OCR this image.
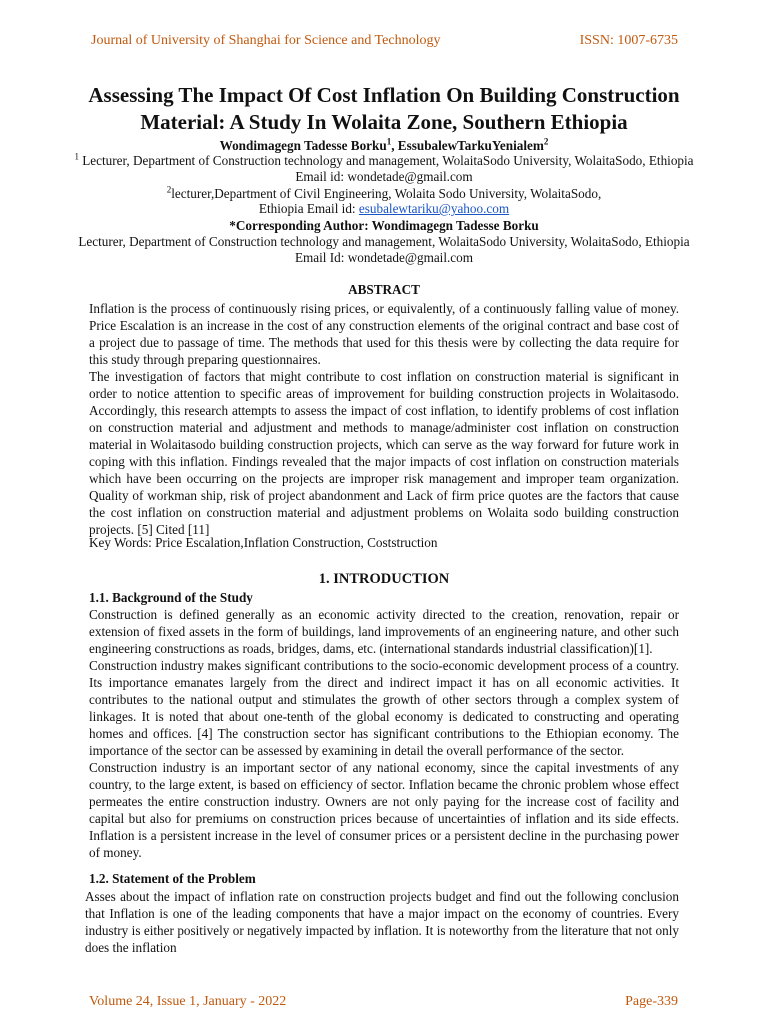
Journal of University of Shanghai for Science and Technology	ISSN: 1007-6735
Assessing The Impact Of Cost Inflation On Building Construction
Material: A Study In Wolaita Zone, Southern Ethiopia
Wondimagegn Tadesse Borku$^1$, EssubalewTarkuYenialem$^2$
$^1$ Lecturer, Department of Construction technology and management, WolaitaSodo University, WolaitaSodo, Ethiopia
Email id: wondetade@gmail.com
$^2$lecturer,Department of Civil Engineering, Wolaita Sodo University, WolaitaSodo,
Ethiopia Email id: esubalewtariku@yahoo.com
*Corresponding Author: Wondimagegn Tadesse Borku
Lecturer, Department of Construction technology and management, WolaitaSodo University, WolaitaSodo, Ethiopia
Email Id: wondetade@gmail.com
ABSTRACT

Inflation is the process of continuously rising prices, or equivalently, of a continuously falling value of money. Price Escalation is an increase in the cost of any construction elements of the original contract and base cost of a project due to passage of time. The methods that used for this thesis were by collecting the data require for this study through preparing questionnaires.

The investigation of factors that might contribute to cost inflation on construction material is significant in order to notice attention to specific areas of improvement for building construction projects in Wolaitasodo. Accordingly, this research attempts to assess the impact of cost inflation, to identify problems of cost inflation on construction material and adjustment and methods to manage/administer cost inflation on construction material in Wolaitasodo building construction projects, which can serve as the way forward for future work in coping with this inflation. Findings revealed that the major impacts of cost inflation on construction materials which have been occurring on the projects are improper risk management and improper team organization. Quality of workman ship, risk of project abandonment and Lack of firm price quotes are the factors that cause the cost inflation on construction material and adjustment problems on Wolaita sodo building construction projects. [5] Cited [11]

Key Words: Price Escalation,Inflation Construction, Coststruction
1. INTRODUCTION

1.1. Background of the Study

Construction is defined generally as an economic activity directed to the creation, renovation, repair or extension of fixed assets in the form of buildings, land improvements of an engineering nature, and other such engineering constructions as roads, bridges, dams, etc. (international standards industrial classification)[1].

Construction industry makes significant contributions to the socio-economic development process of a country. Its importance emanates largely from the direct and indirect impact it has on all economic activities. It contributes to the national output and stimulates the growth of other sectors through a complex system of linkages. It is noted that about one-tenth of the global economy is dedicated to constructing and operating homes and offices. [4] The construction sector has significant contributions to the Ethiopian economy. The importance of the sector can be assessed by examining in detail the overall performance of the sector.

Construction industry is an important sector of any national economy, since the capital investments of any country, to the large extent, is based on efficiency of sector. Inflation became the chronic problem whose effect permeates the entire construction industry. Owners are not only paying for the increase cost of facility and capital but also for premiums on construction prices because of uncertainties of inflation and its side effects. Inflation is a persistent increase in the level of consumer prices or a persistent decline in the purchasing power of money.

1.2. Statement of the Problem
Asses about the impact of inflation rate on construction projects budget and find out the following conclusion that Inflation is one of the leading components that have a major impact on the economy of countries. Every industry is either positively or negatively impacted by inflation. It is noteworthy from the literature that not only does the inflation
Volume 24, Issue 1, January - 2022	Page-339
